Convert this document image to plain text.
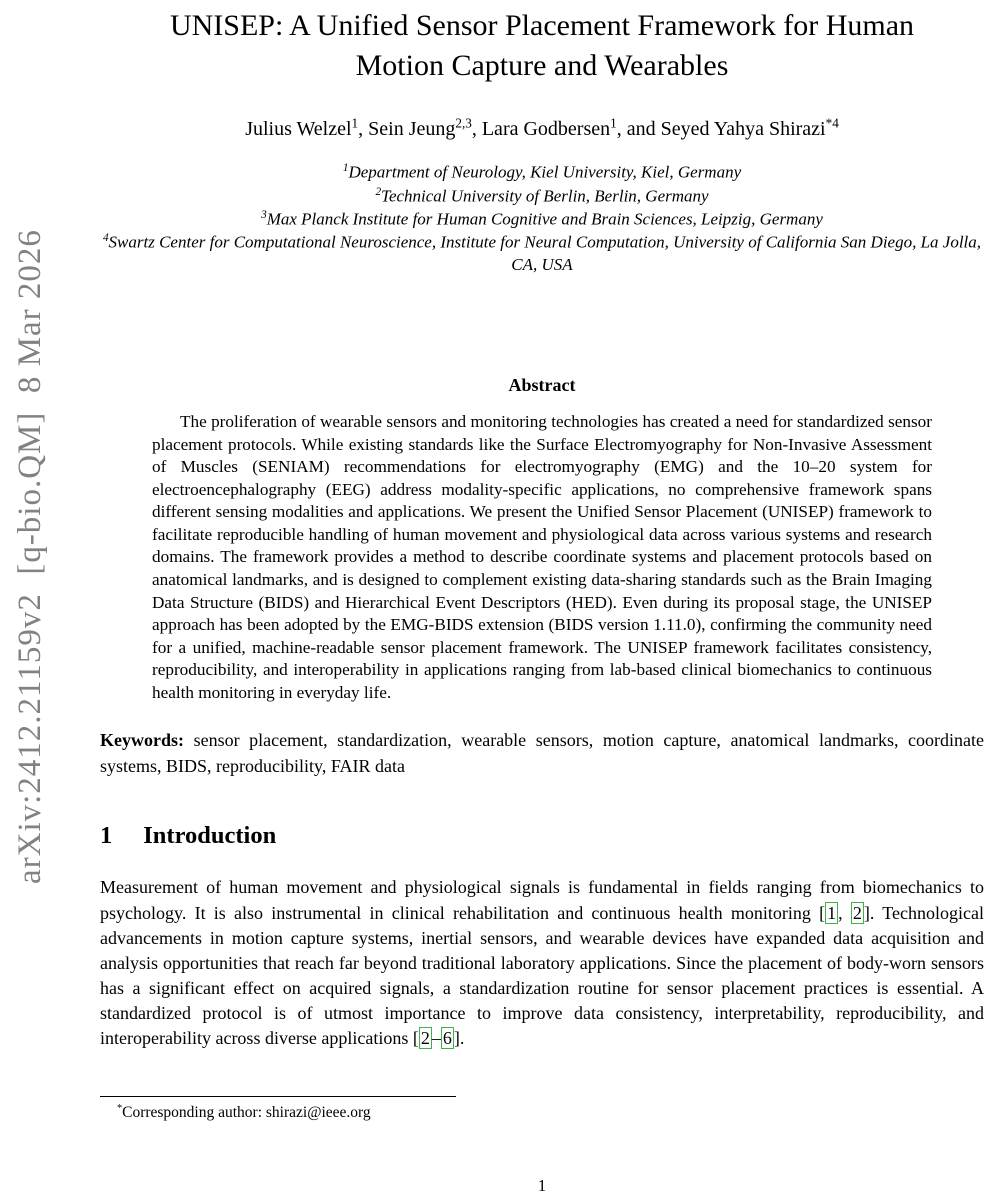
arXiv:2412.21159v2  [q-bio.QM]  8 Mar 2026
UNISEP: A Unified Sensor Placement Framework for Human
Motion Capture and Wearables
Julius Welzel$^1$, Sein Jeung$^{2,3}$, Lara Godbersen$^1$, and Seyed Yahya Shirazi$^{*4}$
$^1$Department of Neurology, Kiel University, Kiel, Germany
$^2$Technical University of Berlin, Berlin, Germany
$^3$Max Planck Institute for Human Cognitive and Brain Sciences, Leipzig, Germany
$^4$Swartz Center for Computational Neuroscience, Institute for Neural Computation, University of California San Diego, La Jolla, CA, USA
Abstract

The proliferation of wearable sensors and monitoring technologies has created a need for standardized sensor placement protocols. While existing standards like the Surface Electromyography for Non-Invasive Assessment of Muscles (SENIAM) recommendations for electromyography (EMG) and the 10–20 system for electroencephalography (EEG) address modality-specific applications, no comprehensive framework spans different sensing modalities and applications. We present the Unified Sensor Placement (UNISEP) framework to facilitate reproducible handling of human movement and physiological data across various systems and research domains. The framework provides a method to describe coordinate systems and placement protocols based on anatomical landmarks, and is designed to complement existing data-sharing standards such as the Brain Imaging Data Structure (BIDS) and Hierarchical Event Descriptors (HED). Even during its proposal stage, the UNISEP approach has been adopted by the EMG-BIDS extension (BIDS version 1.11.0), confirming the community need for a unified, machine-readable sensor placement framework. The UNISEP framework facilitates consistency, reproducibility, and interoperability in applications ranging from lab-based clinical biomechanics to continuous health monitoring in everyday life.

Keywords: sensor placement, standardization, wearable sensors, motion capture, anatomical landmarks, coordinate systems, BIDS, reproducibility, FAIR data

1 Introduction

Measurement of human movement and physiological signals is fundamental in fields ranging from biomechanics to psychology. It is also instrumental in clinical rehabilitation and continuous health monitoring [ 1 , 2 ]. Technological advancements in motion capture systems, inertial sensors, and wearable devices have expanded data acquisition and analysis opportunities that reach far beyond traditional laboratory applications. Since the placement of body-worn sensors has a significant effect on acquired signals, a standardization routine for sensor placement practices is essential. A standardized protocol is of utmost importance to improve data consistency, interpretability, reproducibility, and interoperability across diverse applications [ 2 – 6 ].

*Corresponding author: shirazi@ieee.org
1
